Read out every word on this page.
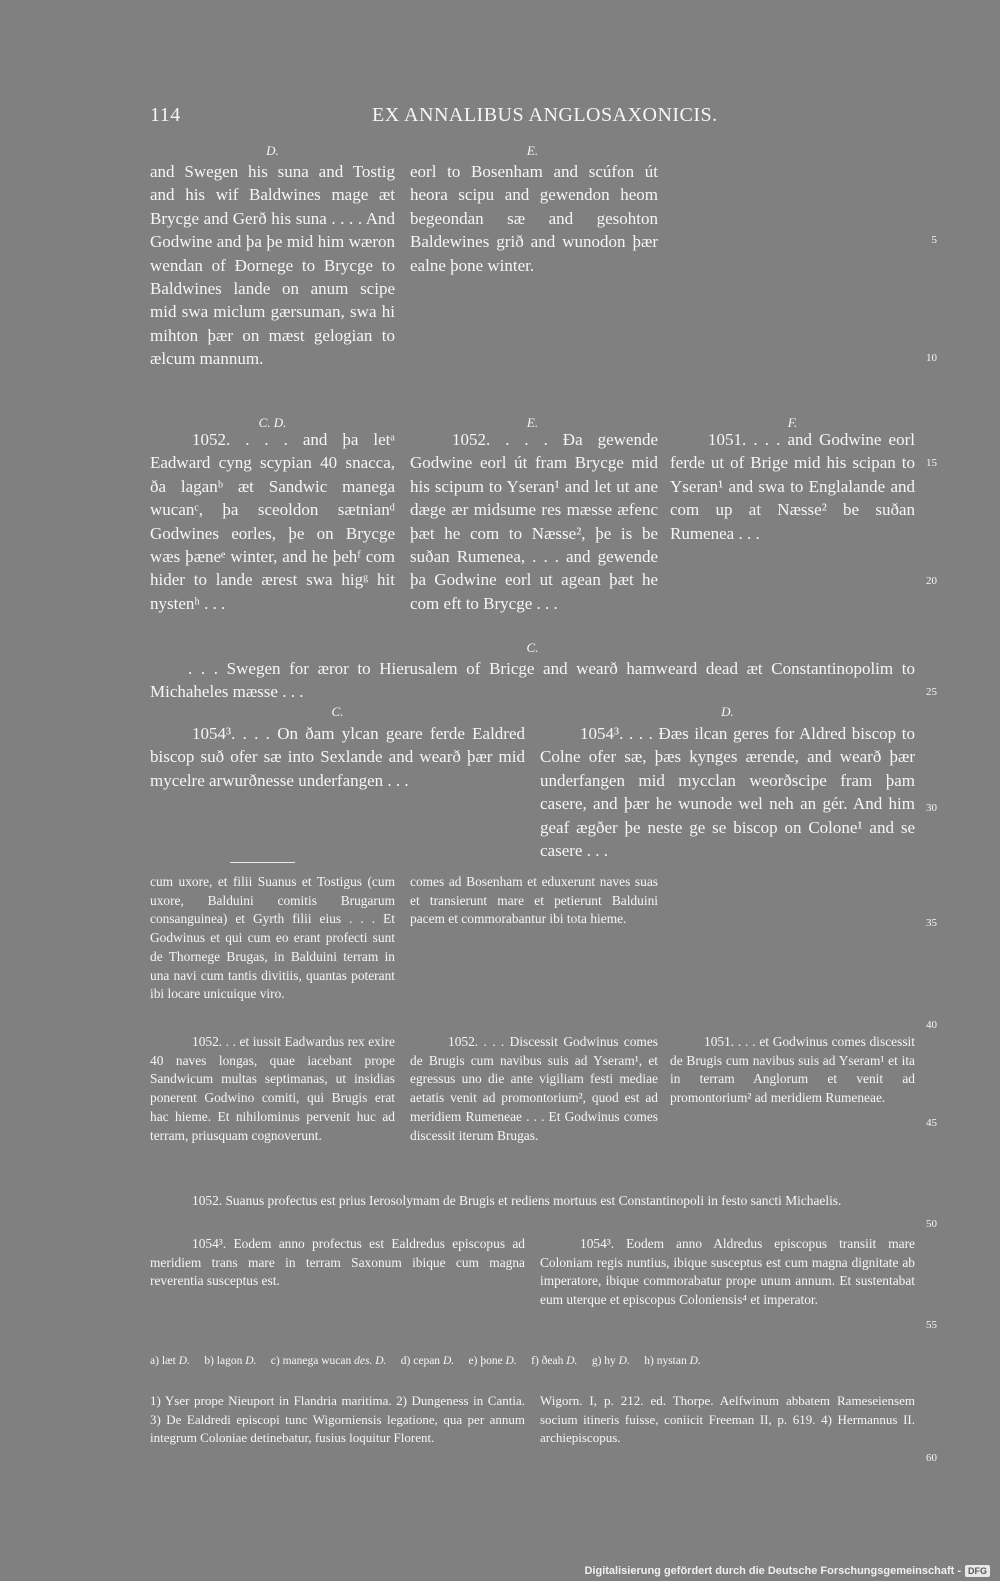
114	EX ANNALIBUS ANGLOSAXONICIS.
5
10
15
20
25
30
35
40
45
50
55
60
D.	E.

and Swegen his suna and Tostig and his wif Baldwines mage æt Brycge and Gerð his suna . . . . And Godwine and þa þe mid him wæron wendan of Ðornege to Brycge to Baldwines lande on anum scipe mid swa miclum gærsuman, swa hi mihton þær on mæst gelogian to ælcum mannum.

eorl to Bosenham and scúfon út heora scipu and gewendon heom begeondan sæ and gesohton Baldewines grið and wunodon þær ealne þone winter.

C. D.	E.	F.

1052. . . . and þa letᵃ Eadward cyng scypian 40 snacca, ða laganᵇ æt Sandwic manega wucanᶜ, þa sceoldon sætnianᵈ Godwines eorles, þe on Brycge wæs þæneᵉ winter, and he þehᶠ com hider to lande ærest swa higᵍ hit nystenʰ . . .

1052. . . . Ða gewende Godwine eorl út fram Brycge mid his scipum to Yseran¹ and let ut ane dæge ær midsume res mæsse æfenc þæt he com to Næsse², þe is be suðan Rumenea, . . . and gewende þa Godwine eorl ut agean þæt he com eft to Brycge . . .

1051. . . . and Godwine eorl ferde ut of Brige mid his scipan to Yseran¹ and swa to Englalande and com up at Næsse² be suðan Rumenea . . .

C.

. . . Swegen for æror to Hierusalem of Bricge and wearð hamweard dead æt Constantinopolim to Michaheles mæsse . . .

C.	D.

1054³. . . . On ðam ylcan geare ferde Ealdred biscop suð ofer sæ into Sexlande and wearð þær mid mycelre arwurðnesse underfangen . . .

1054³. . . . Ðæs ilcan geres for Aldred biscop to Colne ofer sæ, þæs kynges ærende, and wearð þær underfangen mid mycclan weorðscipe fram þam casere, and þær he wunode wel neh an gér. And him geaf ægðer þe neste ge se biscop on Colone¹ and se casere . . .

cum uxore, et filii Suanus et Tostigus (cum uxore, Balduini comitis Brugarum consanguinea) et Gyrth filii eius . . . Et Godwinus et qui cum eo erant profecti sunt de Thornege Brugas, in Balduini terram in una navi cum tantis divitiis, quantas poterant ibi locare unicuique viro.

comes ad Bosenham et eduxerunt naves suas et transierunt mare et petierunt Balduini pacem et commorabantur ibi tota hieme.

1052. . . et iussit Eadwardus rex exire 40 naves longas, quae iacebant prope Sandwicum multas septimanas, ut insidias ponerent Godwino comiti, qui Brugis erat hac hieme. Et nihilominus pervenit huc ad terram, priusquam cognoverunt.

1052. . . . Discessit Godwinus comes de Brugis cum navibus suis ad Yseram¹, et egressus uno die ante vigiliam festi mediae aetatis venit ad promontorium², quod est ad meridiem Rumeneae . . . Et Godwinus comes discessit iterum Brugas.

1051. . . . et Godwinus comes discessit de Brugis cum navibus suis ad Yseram¹ et ita in terram Anglorum et venit ad promontorium² ad meridiem Rumeneae.

1052. Suanus profectus est prius Ierosolymam de Brugis et rediens mortuus est Constantinopoli in festo sancti Michaelis.

1054³. Eodem anno profectus est Ealdredus episcopus ad meridiem trans mare in terram Saxonum ibique cum magna reverentia susceptus est.

1054³. Eodem anno Aldredus episcopus transiit mare Coloniam regis nuntius, ibique susceptus est cum magna dignitate ab imperatore, ibique commorabatur prope unum annum. Et sustentabat eum uterque et episcopus Coloniensis⁴ et imperator.

a) læt D. b) lagon D. c) manega wucan des. D. d) cepan D. e) þone D. f) ðeah D. g) hy D. h) nystan D.

1) Yser prope Nieuport in Flandria maritima. 2) Dungeness in Cantia. 3) De Ealdredi episcopi tunc Wigorniensis legatione, qua per annum integrum Coloniae detinebatur, fusius loquitur Florent.

Wigorn. I, p. 212. ed. Thorpe. Aelfwinum abbatem Rameseiensem socium itineris fuisse, coniicit Freeman II, p. 619. 4) Hermannus II. archiepiscopus.

Digitalisierung gefördert durch die Deutsche Forschungsgemeinschaft - DFG
